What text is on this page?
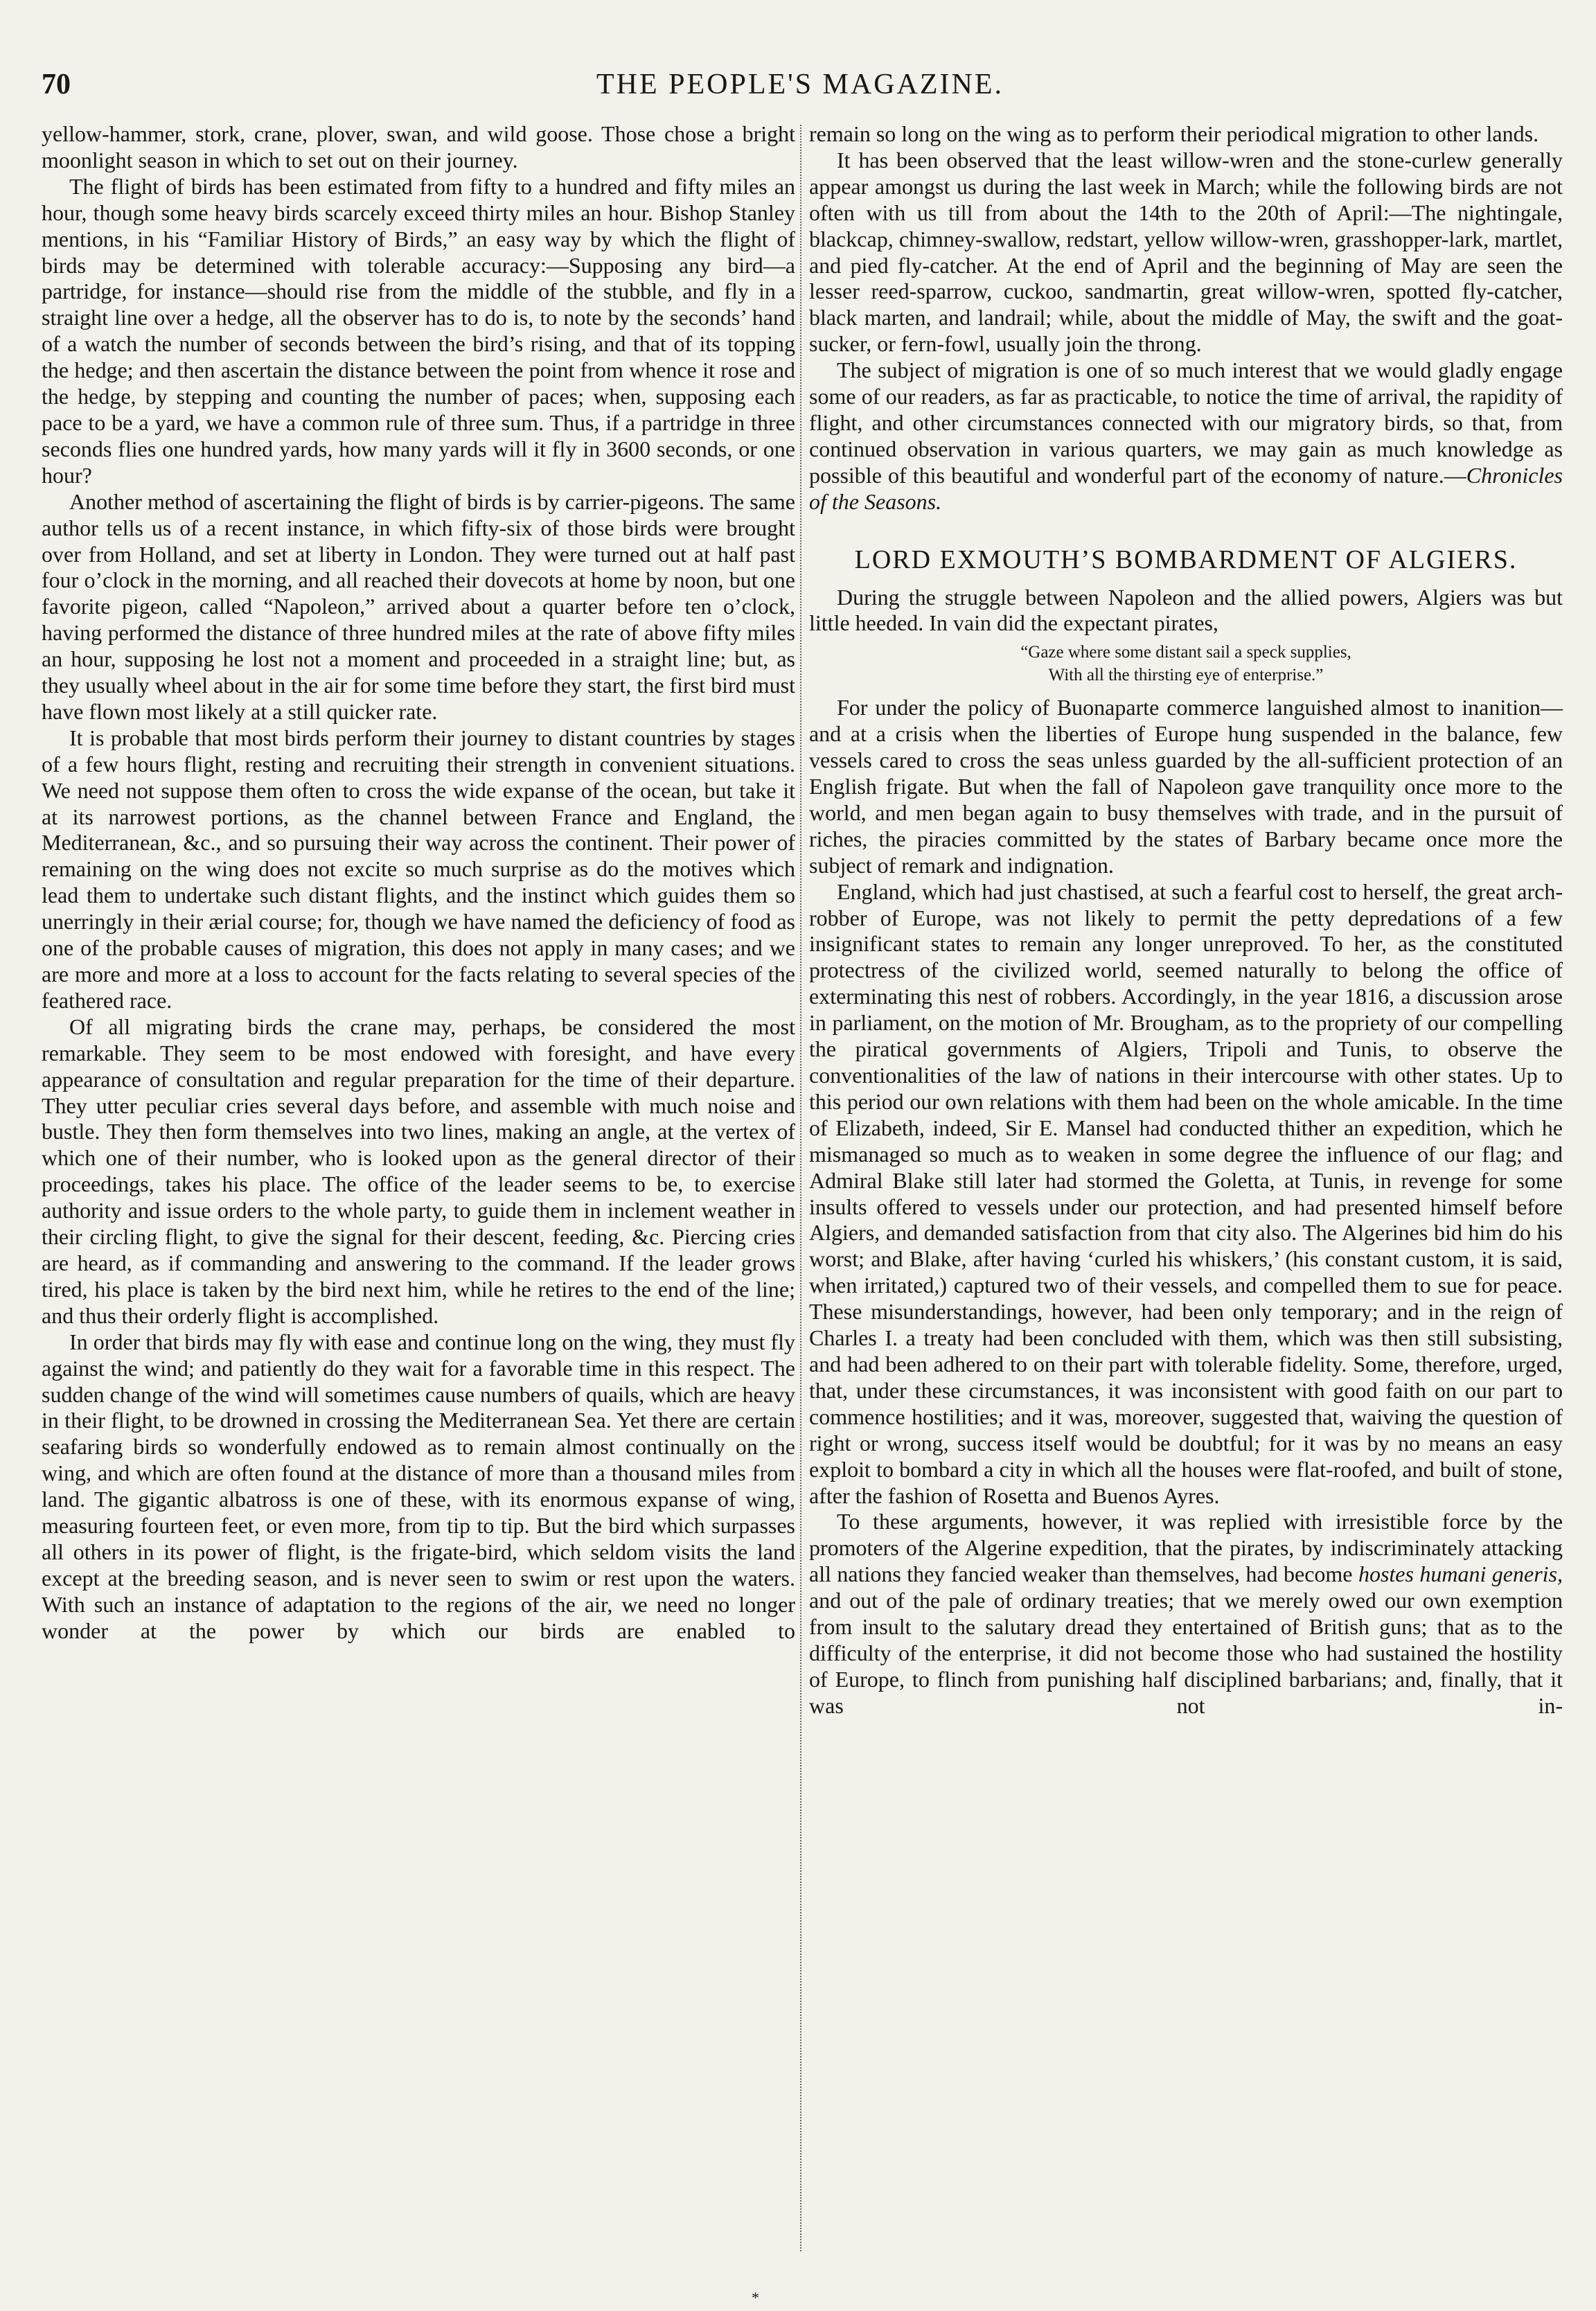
70	THE PEOPLE'S MAGAZINE.

yellow-hammer, stork, crane, plover, swan, and wild goose. Those chose a bright moonlight season in which to set out on their journey.

The flight of birds has been estimated from fifty to a hundred and fifty miles an hour, though some heavy birds scarcely exceed thirty miles an hour. Bishop Stanley mentions, in his “Familiar History of Birds,” an easy way by which the flight of birds may be determined with tolerable accuracy:—Supposing any bird—a partridge, for instance—should rise from the middle of the stubble, and fly in a straight line over a hedge, all the observer has to do is, to note by the seconds’ hand of a watch the number of seconds between the bird’s rising, and that of its topping the hedge; and then ascertain the distance between the point from whence it rose and the hedge, by stepping and counting the number of paces; when, supposing each pace to be a yard, we have a common rule of three sum. Thus, if a partridge in three seconds flies one hundred yards, how many yards will it fly in 3600 seconds, or one hour?

Another method of ascertaining the flight of birds is by carrier-pigeons. The same author tells us of a recent instance, in which fifty-six of those birds were brought over from Holland, and set at liberty in London. They were turned out at half past four o’clock in the morning, and all reached their dovecots at home by noon, but one favorite pigeon, called “Napoleon,” arrived about a quarter before ten o’clock, having performed the distance of three hundred miles at the rate of above fifty miles an hour, supposing he lost not a moment and proceeded in a straight line; but, as they usually wheel about in the air for some time before they start, the first bird must have flown most likely at a still quicker rate.

It is probable that most birds perform their journey to distant countries by stages of a few hours flight, resting and recruiting their strength in convenient situations. We need not suppose them often to cross the wide expanse of the ocean, but take it at its narrowest portions, as the channel between France and England, the Mediterranean, &c., and so pursuing their way across the continent. Their power of remaining on the wing does not excite so much surprise as do the motives which lead them to undertake such distant flights, and the instinct which guides them so unerringly in their ærial course; for, though we have named the deficiency of food as one of the probable causes of migration, this does not apply in many cases; and we are more and more at a loss to account for the facts relating to several species of the feathered race.

Of all migrating birds the crane may, perhaps, be considered the most remarkable. They seem to be most endowed with foresight, and have every appearance of consultation and regular preparation for the time of their departure. They utter peculiar cries several days before, and assemble with much noise and bustle. They then form themselves into two lines, making an angle, at the vertex of which one of their number, who is looked upon as the general director of their proceedings, takes his place. The office of the leader seems to be, to exercise authority and issue orders to the whole party, to guide them in inclement weather in their circling flight, to give the signal for their descent, feeding, &c. Piercing cries are heard, as if commanding and answering to the command. If the leader grows tired, his place is taken by the bird next him, while he retires to the end of the line; and thus their orderly flight is accomplished.

In order that birds may fly with ease and continue long on the wing, they must fly against the wind; and patiently do they wait for a favorable time in this respect. The sudden change of the wind will sometimes cause numbers of quails, which are heavy in their flight, to be drowned in crossing the Mediterranean Sea. Yet there are certain seafaring birds so wonderfully endowed as to remain almost continually on the wing, and which are often found at the distance of more than a thousand miles from land. The gigantic albatross is one of these, with its enormous expanse of wing, measuring fourteen feet, or even more, from tip to tip. But the bird which surpasses all others in its power of flight, is the frigate-bird, which seldom visits the land except at the breeding season, and is never seen to swim or rest upon the waters. With such an instance of adaptation to the regions of the air, we need no longer wonder at the power by which our birds are enabled to

remain so long on the wing as to perform their periodical migration to other lands.

It has been observed that the least willow-wren and the stone-curlew generally appear amongst us during the last week in March; while the following birds are not often with us till from about the 14th to the 20th of April:—The nightingale, blackcap, chimney-swallow, redstart, yellow willow-wren, grasshopper-lark, martlet, and pied fly-catcher. At the end of April and the beginning of May are seen the lesser reed-sparrow, cuckoo, sandmartin, great willow-wren, spotted fly-catcher, black marten, and landrail; while, about the middle of May, the swift and the goat-sucker, or fern-fowl, usually join the throng.

The subject of migration is one of so much interest that we would gladly engage some of our readers, as far as practicable, to notice the time of arrival, the rapidity of flight, and other circumstances connected with our migratory birds, so that, from continued observation in various quarters, we may gain as much knowledge as possible of this beautiful and wonderful part of the economy of nature.—Chronicles of the Seasons.

LORD EXMOUTH’S BOMBARDMENT OF ALGIERS.

During the struggle between Napoleon and the allied powers, Algiers was but little heeded. In vain did the expectant pirates,

“Gaze where some distant sail a speck supplies,
With all the thirsting eye of enterprise.”

For under the policy of Buonaparte commerce languished almost to inanition—and at a crisis when the liberties of Europe hung suspended in the balance, few vessels cared to cross the seas unless guarded by the all-sufficient protection of an English frigate. But when the fall of Napoleon gave tranquility once more to the world, and men began again to busy themselves with trade, and in the pursuit of riches, the piracies committed by the states of Barbary became once more the subject of remark and indignation.

England, which had just chastised, at such a fearful cost to herself, the great arch-robber of Europe, was not likely to permit the petty depredations of a few insignificant states to remain any longer unreproved. To her, as the constituted protectress of the civilized world, seemed naturally to belong the office of exterminating this nest of robbers. Accordingly, in the year 1816, a discussion arose in parliament, on the motion of Mr. Brougham, as to the propriety of our compelling the piratical governments of Algiers, Tripoli and Tunis, to observe the conventionalities of the law of nations in their intercourse with other states. Up to this period our own relations with them had been on the whole amicable. In the time of Elizabeth, indeed, Sir E. Mansel had conducted thither an expedition, which he mismanaged so much as to weaken in some degree the influence of our flag; and Admiral Blake still later had stormed the Goletta, at Tunis, in revenge for some insults offered to vessels under our protection, and had presented himself before Algiers, and demanded satisfaction from that city also. The Algerines bid him do his worst; and Blake, after having ‘curled his whiskers,’ (his constant custom, it is said, when irritated,) captured two of their vessels, and compelled them to sue for peace. These misunderstandings, however, had been only temporary; and in the reign of Charles I. a treaty had been concluded with them, which was then still subsisting, and had been adhered to on their part with tolerable fidelity. Some, therefore, urged, that, under these circumstances, it was inconsistent with good faith on our part to commence hostilities; and it was, moreover, suggested that, waiving the question of right or wrong, success itself would be doubtful; for it was by no means an easy exploit to bombard a city in which all the houses were flat-roofed, and built of stone, after the fashion of Rosetta and Buenos Ayres.

To these arguments, however, it was replied with irresistible force by the promoters of the Algerine expedition, that the pirates, by indiscriminately attacking all nations they fancied weaker than themselves, had become hostes humani generis, and out of the pale of ordinary treaties; that we merely owed our own exemption from insult to the salutary dread they entertained of British guns; that as to the difficulty of the enterprise, it did not become those who had sustained the hostility of Europe, to flinch from punishing half disciplined barbarians; and, finally, that it was not in-

*
